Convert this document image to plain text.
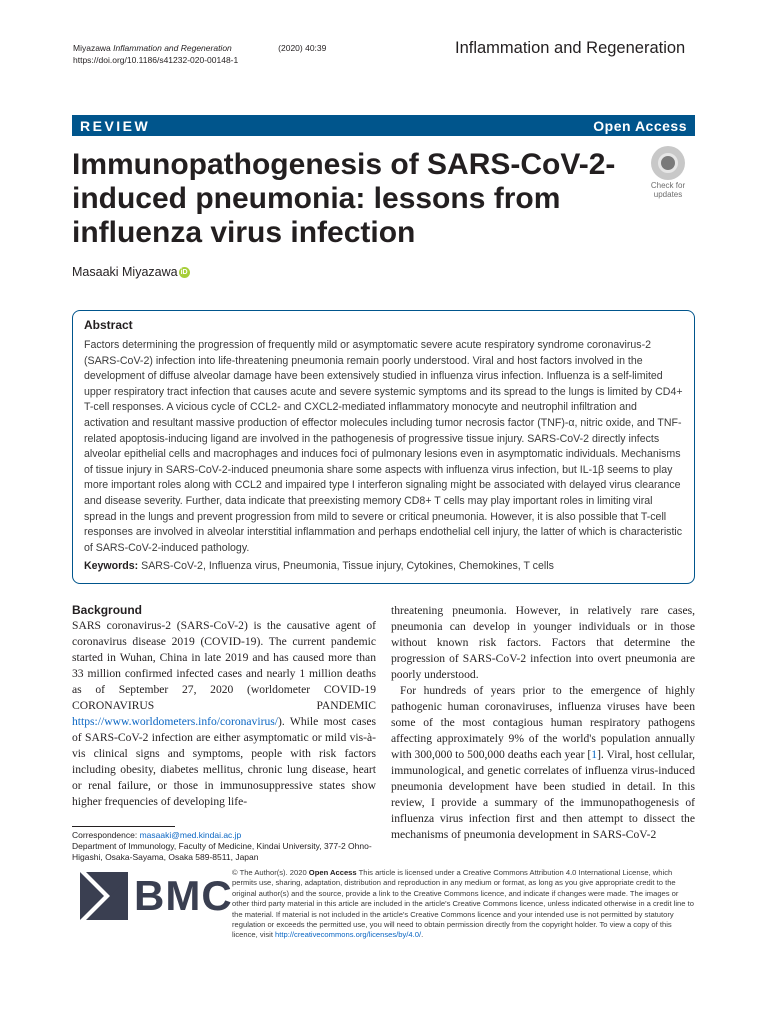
Miyazawa Inflammation and Regeneration	(2020) 40:39
https://doi.org/10.1186/s41232-020-00148-1
Inflammation and Regeneration
REVIEW	Open Access
Immunopathogenesis of SARS-CoV-2-induced pneumonia: lessons from influenza virus infection
Check for
updates
Masaaki Miyazawa iD
Abstract

Factors determining the progression of frequently mild or asymptomatic severe acute respiratory syndrome coronavirus-2 (SARS-CoV-2) infection into life-threatening pneumonia remain poorly understood. Viral and host factors involved in the development of diffuse alveolar damage have been extensively studied in influenza virus infection. Influenza is a self-limited upper respiratory tract infection that causes acute and severe systemic symptoms and its spread to the lungs is limited by CD4+ T-cell responses. A vicious cycle of CCL2- and CXCL2-mediated inflammatory monocyte and neutrophil infiltration and activation and resultant massive production of effector molecules including tumor necrosis factor (TNF)-α, nitric oxide, and TNF-related apoptosis-inducing ligand are involved in the pathogenesis of progressive tissue injury. SARS-CoV-2 directly infects alveolar epithelial cells and macrophages and induces foci of pulmonary lesions even in asymptomatic individuals. Mechanisms of tissue injury in SARS-CoV-2-induced pneumonia share some aspects with influenza virus infection, but IL-1β seems to play more important roles along with CCL2 and impaired type I interferon signaling might be associated with delayed virus clearance and disease severity. Further, data indicate that preexisting memory CD8+ T cells may play important roles in limiting viral spread in the lungs and prevent progression from mild to severe or critical pneumonia. However, it is also possible that T-cell responses are involved in alveolar interstitial inflammation and perhaps endothelial cell injury, the latter of which is characteristic of SARS-CoV-2-induced pathology.

Keywords: SARS-CoV-2, Influenza virus, Pneumonia, Tissue injury, Cytokines, Chemokines, T cells

Background

SARS coronavirus-2 (SARS-CoV-2) is the causative agent of coronavirus disease 2019 (COVID-19). The current pandemic started in Wuhan, China in late 2019 and has caused more than 33 million confirmed infected cases and nearly 1 million deaths as of September 27, 2020 (worldometer COVID-19 CORONAVIRUS PANDEMIC https://www.worldometers.info/coronavirus/). While most cases of SARS-CoV-2 infection are either asymptomatic or mild vis-à-vis clinical signs and symptoms, people with risk factors including obesity, diabetes mellitus, chronic lung disease, heart or renal failure, or those in immunosuppressive states show higher frequencies of developing life-

threatening pneumonia. However, in relatively rare cases, pneumonia can develop in younger individuals or in those without known risk factors. Factors that determine the progression of SARS-CoV-2 infection into overt pneumonia are poorly understood.

For hundreds of years prior to the emergence of highly pathogenic human coronaviruses, influenza viruses have been some of the most contagious human respiratory pathogens affecting approximately 9% of the world's population annually with 300,000 to 500,000 deaths each year [1]. Viral, host cellular, immunological, and genetic correlates of influenza virus-induced pneumonia development have been studied in detail. In this review, I provide a summary of the immunopathogenesis of influenza virus infection first and then attempt to dissect the mechanisms of pneumonia development in SARS-CoV-2

Correspondence: masaaki@med.kindai.ac.jp
Department of Immunology, Faculty of Medicine, Kindai University, 377-2 Ohno-Higashi, Osaka-Sayama, Osaka 589-8511, Japan
BMC © The Author(s). 2020 Open Access This article is licensed under a Creative Commons Attribution 4.0 International License, which permits use, sharing, adaptation, distribution and reproduction in any medium or format, as long as you give appropriate credit to the original author(s) and the source, provide a link to the Creative Commons licence, and indicate if changes were made. The images or other third party material in this article are included in the article's Creative Commons licence, unless indicated otherwise in a credit line to the material. If material is not included in the article's Creative Commons licence and your intended use is not permitted by statutory regulation or exceeds the permitted use, you will need to obtain permission directly from the copyright holder. To view a copy of this licence, visit http://creativecommons.org/licenses/by/4.0/.
